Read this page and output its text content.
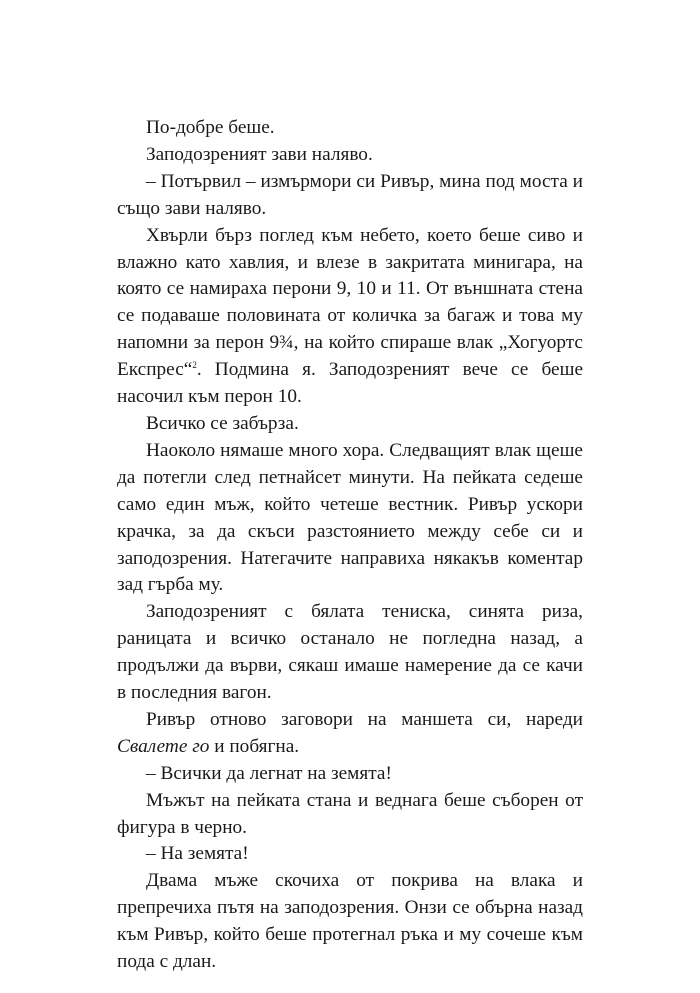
По-добре беше.

Заподозреният зави наляво.

– Потървил – измърмори си Ривър, мина под моста и също зави наляво.

Хвърли бърз поглед към небето, което беше сиво и влажно като хавлия, и влезе в закритата минигара, на която се намираха перони 9, 10 и 11. От външната стена се подаваше половината от количка за багаж и това му напомни за перон 9¾, на който спираше влак „Хогуортс Експрес“$^2$. Подмина я. Заподозреният вече се беше насочил към перон 10.

Всичко се забърза.

Наоколо нямаше много хора. Следващият влак щеше да потегли след петнайсет минути. На пейката седеше само един мъж, който четеше вестник. Ривър ускори крачка, за да скъси разстоянието между себе си и заподозрения. Натегачите направиха някакъв коментар зад гърба му.

Заподозреният с бялата тениска, синята риза, раницата и всичко останало не погледна назад, а продължи да върви, сякаш имаше намерение да се качи в последния вагон.

Ривър отново заговори на маншета си, нареди Свалете го и побягна.

– Всички да легнат на земята!

Мъжът на пейката стана и веднага беше съборен от фигура в черно.

– На земята!

Двама мъже скочиха от покрива на влака и препречиха пътя на заподозрения. Онзи се обърна назад към Ривър, който беше протегнал ръка и му сочеше към пода с длан.
